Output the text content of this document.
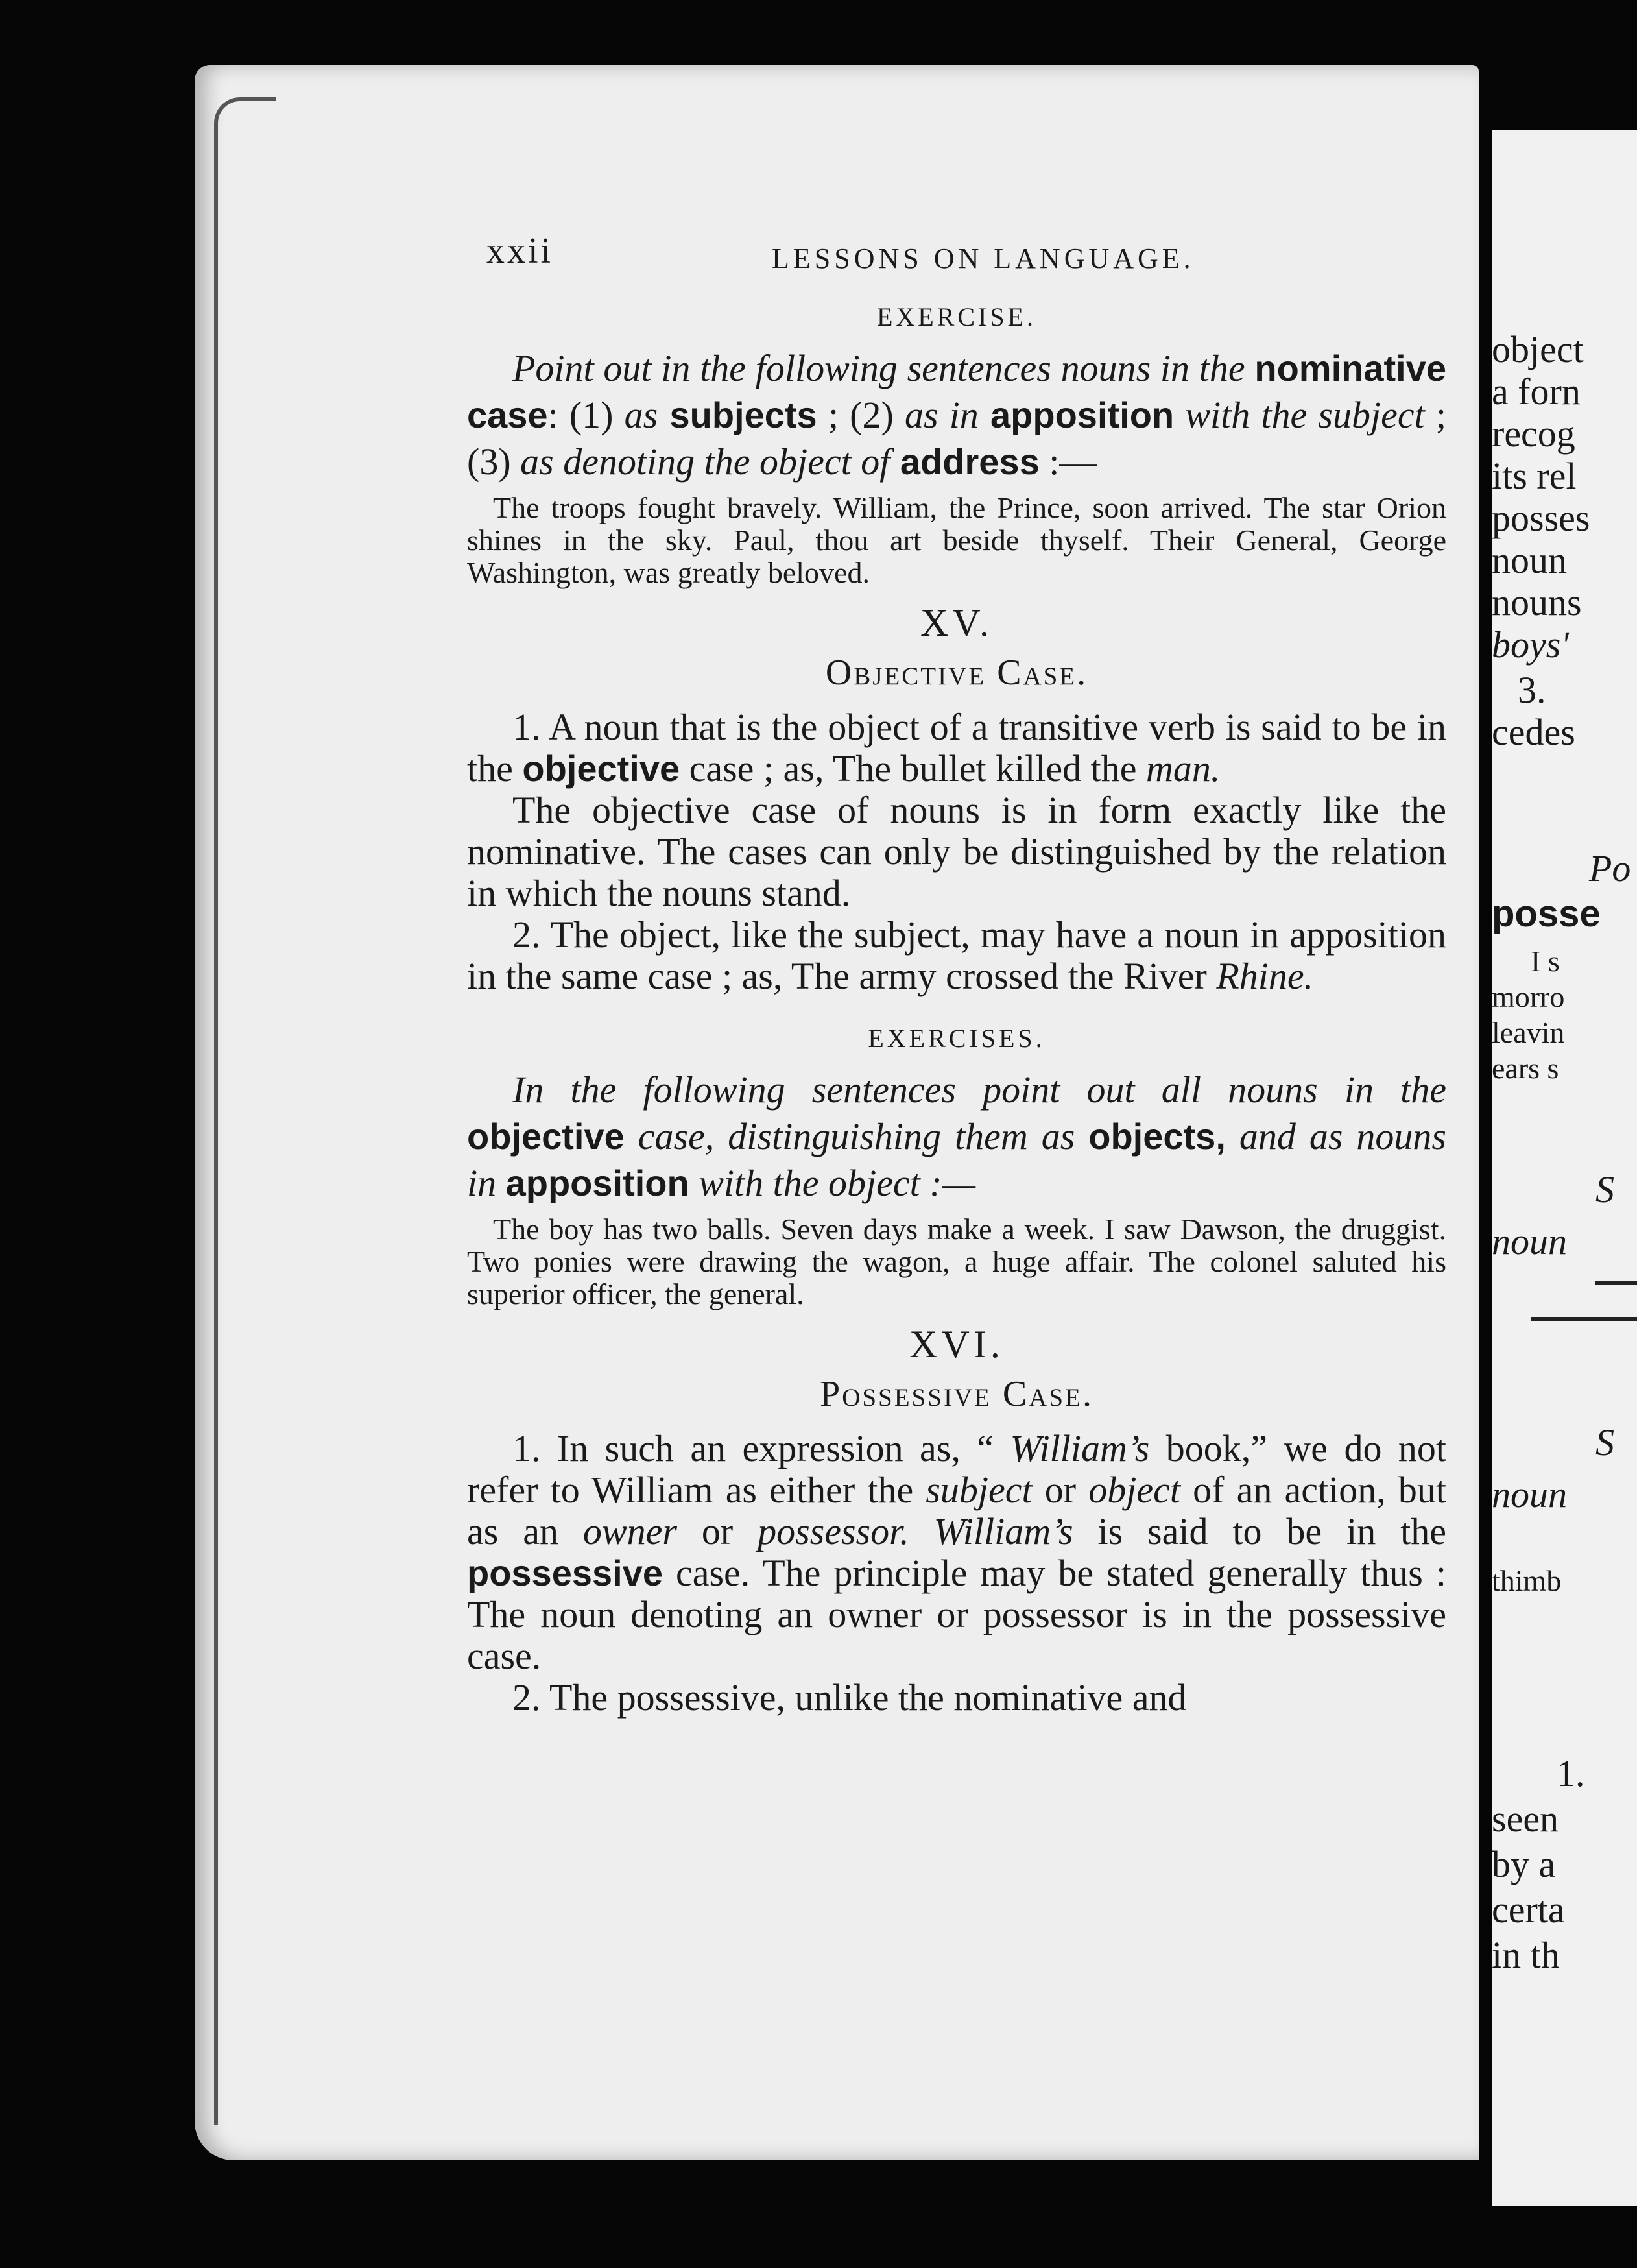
object
a forn
recog
its rel
posses
noun
nouns
boys'
3.
cedes
Po
posse
I s
morro
leavin
ears s
S
noun
S
noun
thimb
1.
seen
by a
certa
in th
xxii	LESSONS ON LANGUAGE.

EXERCISE.

Point out in the following sentences nouns in the nominative case: (1) as subjects ; (2) as in apposition with the subject ; (3) as denoting the object of address :—

The troops fought bravely. William, the Prince, soon arrived. The star Orion shines in the sky. Paul, thou art beside thyself. Their General, George Washington, was greatly beloved.

XV.

Objective Case.

1. A noun that is the object of a transitive verb is said to be in the objective case ; as, The bullet killed the man.

The objective case of nouns is in form exactly like the nominative. The cases can only be distinguished by the relation in which the nouns stand.

2. The object, like the subject, may have a noun in apposition in the same case ; as, The army crossed the River Rhine.

EXERCISES.

In the following sentences point out all nouns in the objective case, distinguishing them as objects, and as nouns in apposition with the object :—

The boy has two balls. Seven days make a week. I saw Dawson, the druggist. Two ponies were drawing the wagon, a huge affair. The colonel saluted his superior officer, the general.

XVI.

Possessive Case.

1. In such an expression as, “ William’s book,” we do not refer to William as either the subject or object of an action, but as an owner or possessor. William’s is said to be in the possessive case. The principle may be stated generally thus : The noun denoting an owner or possessor is in the possessive case.

2. The possessive, unlike the nominative and
